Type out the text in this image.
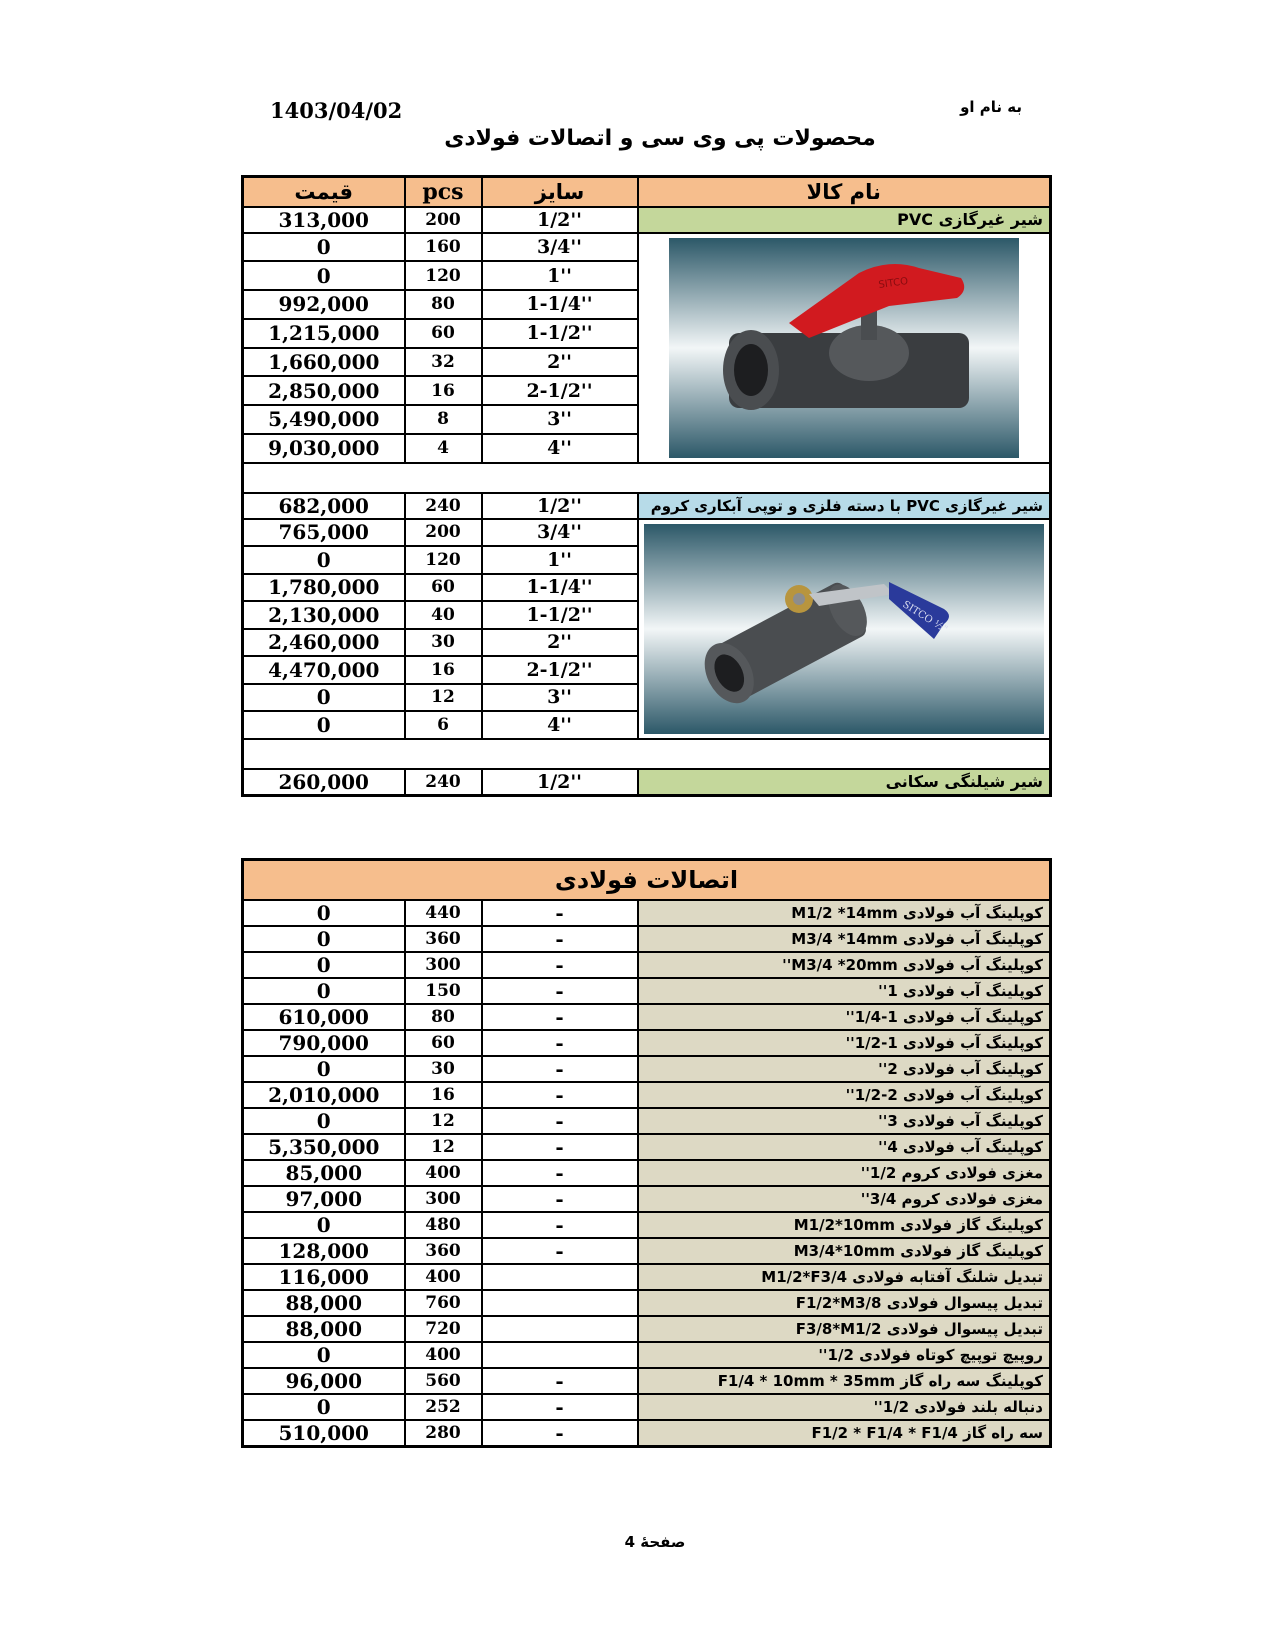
1403/04/02	به نام او
محصولات پی وی سی و اتصالات فولادی
قیمت	pcs	سایز	نام کالا
313,000	200	1/2''	شیر غیرگازی PVC
0	160	3/4''	SITCO

0	120	1''	
992,000	80	1-1/4''	
1,215,000	60	1-1/2''	
1,660,000	32	2''	
2,850,000	16	2-1/2''	
5,490,000	8	3''	
9,030,000	4	4''	

682,000	240	1/2''	شیر غیرگازی PVC با دسته فلزی و توپی آبکاری کروم
765,000	200	3/4''	SITCO ½"

0	120	1''	
1,780,000	60	1-1/4''	
2,130,000	40	1-1/2''	
2,460,000	30	2''	
4,470,000	16	2-1/2''	
0	12	3''	
0	6	4''	

260,000	240	1/2''	شیر شیلنگی سکانی
اتصالات فولادی			
0	440	-	کوپلینگ آب فولادی M1/2 *14mm
0	360	-	کوپلینگ آب فولادی M3/4 *14mm
0	300	-	کوپلینگ آب فولادی M3/4 *20mm''
0	150	-	کوپلینگ آب فولادی 1''
610,000	80	-	کوپلینگ آب فولادی 1-1/4''
790,000	60	-	کوپلینگ آب فولادی 1-1/2''
0	30	-	کوپلینگ آب فولادی 2''
2,010,000	16	-	کوپلینگ آب فولادی 2-1/2''
0	12	-	کوپلینگ آب فولادی 3''
5,350,000	12	-	کوپلینگ آب فولادی 4''
85,000	400	-	مغزی فولادی کروم 1/2''
97,000	300	-	مغزی فولادی کروم 3/4''
0	480	-	کوپلینگ گاز فولادی M1/2*10mm
128,000	360	-	کوپلینگ گاز فولادی M3/4*10mm
116,000	400		تبدیل شلنگ آفتابه فولادی M1/2*F3/4
88,000	760		تبدیل پیسوال فولادی F1/2*M3/8
88,000	720		تبدیل پیسوال فولادی F3/8*M1/2
0	400		روپیچ توپیچ کوتاه فولادی 1/2''
96,000	560	-	کوپلینگ سه راه گاز F1/4 * 10mm * 35mm
0	252	-	دنباله بلند فولادی 1/2''
510,000	280	-	سه راه گاز F1/2 * F1/4 * F1/4
صفحهٔ 4
